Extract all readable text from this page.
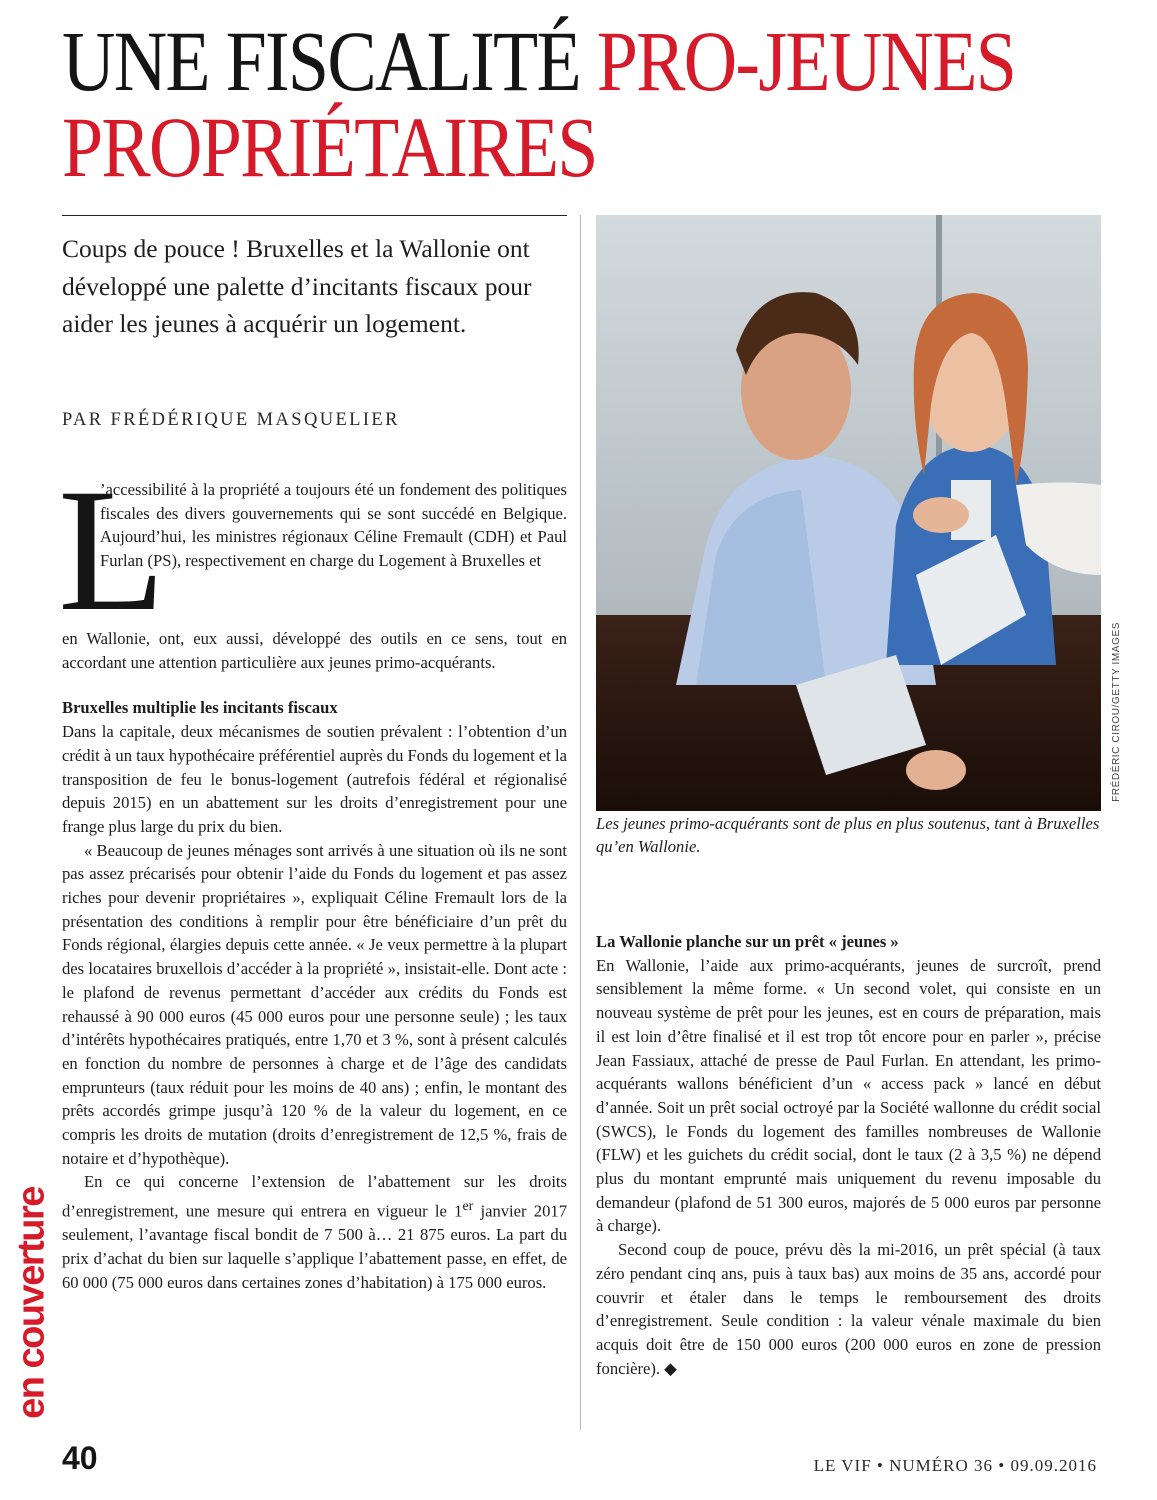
UNE FISCALITÉ PRO-JEUNES
PROPRIÉTAIRES

Coups de pouce ! Bruxelles et la Wallonie ont développé une palette d’incitants fiscaux pour aider les jeunes à acquérir un logement.

PAR FRÉDÉRIQUE MASQUELIER

L

’accessibilité à la propriété a toujours été un fondement des politiques fiscales des divers gouvernements qui se sont succédé en Belgique. Aujourd’hui, les ministres régionaux Céline Fremault (CDH) et Paul Furlan (PS), respectivement en charge du Logement à Bruxelles et

en Wallonie, ont, eux aussi, développé des outils en ce sens, tout en accordant une attention particulière aux jeunes primo-acquérants.

Bruxelles multiplie les incitants fiscaux

Dans la capitale, deux mécanismes de soutien prévalent : l’obtention d’un crédit à un taux hypothécaire préférentiel auprès du Fonds du logement et la transposition de feu le bonus-logement (autrefois fédéral et régionalisé depuis 2015) en un abattement sur les droits d’enregistrement pour une frange plus large du prix du bien.

« Beaucoup de jeunes ménages sont arrivés à une situation où ils ne sont pas assez précarisés pour obtenir l’aide du Fonds du logement et pas assez riches pour devenir propriétaires », expliquait Céline Fremault lors de la présentation des conditions à remplir pour être bénéficiaire d’un prêt du Fonds régional, élargies depuis cette année. « Je veux permettre à la plupart des locataires bruxellois d’accéder à la propriété », insistait-elle. Dont acte : le plafond de revenus permettant d’accéder aux crédits du Fonds est rehaussé à 90 000 euros (45 000 euros pour une personne seule) ; les taux d’intérêts hypothécaires pratiqués, entre 1,70 et 3 %, sont à présent calculés en fonction du nombre de personnes à charge et de l’âge des candidats emprunteurs (taux réduit pour les moins de 40 ans) ; enfin, le montant des prêts accordés grimpe jusqu’à 120 % de la valeur du logement, en ce compris les droits de mutation (droits d’enregistrement de 12,5 %, frais de notaire et d’hypothèque).

En ce qui concerne l’extension de l’abattement sur les droits d’enregistrement, une mesure qui entrera en vigueur le 1er janvier 2017 seulement, l’avantage fiscal bondit de 7 500 à… 21 875 euros. La part du prix d’achat du bien sur laquelle s’applique l’abattement passe, en effet, de 60 000 (75 000 euros dans certaines zones d’habitation) à 175 000 euros.

FRÉDÉRIC CIROU/GETTY IMAGES

Les jeunes primo-acquérants sont de plus en plus soutenus, tant à Bruxelles qu’en Wallonie.

La Wallonie planche sur un prêt « jeunes »

En Wallonie, l’aide aux primo-acquérants, jeunes de surcroît, prend sensiblement la même forme. « Un second volet, qui consiste en un nouveau système de prêt pour les jeunes, est en cours de préparation, mais il est loin d’être finalisé et il est trop tôt encore pour en parler », précise Jean Fassiaux, attaché de presse de Paul Furlan. En attendant, les primo-acquérants wallons bénéficient d’un « access pack » lancé en début d’année. Soit un prêt social octroyé par la Société wallonne du crédit social (SWCS), le Fonds du logement des familles nombreuses de Wallonie (FLW) et les guichets du crédit social, dont le taux (2 à 3,5 %) ne dépend plus du montant emprunté mais uniquement du revenu imposable du demandeur (plafond de 51 300 euros, majorés de 5 000 euros par personne à charge).

Second coup de pouce, prévu dès la mi-2016, un prêt spécial (à taux zéro pendant cinq ans, puis à taux bas) aux moins de 35 ans, accordé pour couvrir et étaler dans le temps le remboursement des droits d’enregistrement. Seule condition : la valeur vénale maximale du bien acquis doit être de 150 000 euros (200 000 euros en zone de pression foncière). ◆

en couverture

40	LE VIF • NUMÉRO 36 • 09.09.2016
